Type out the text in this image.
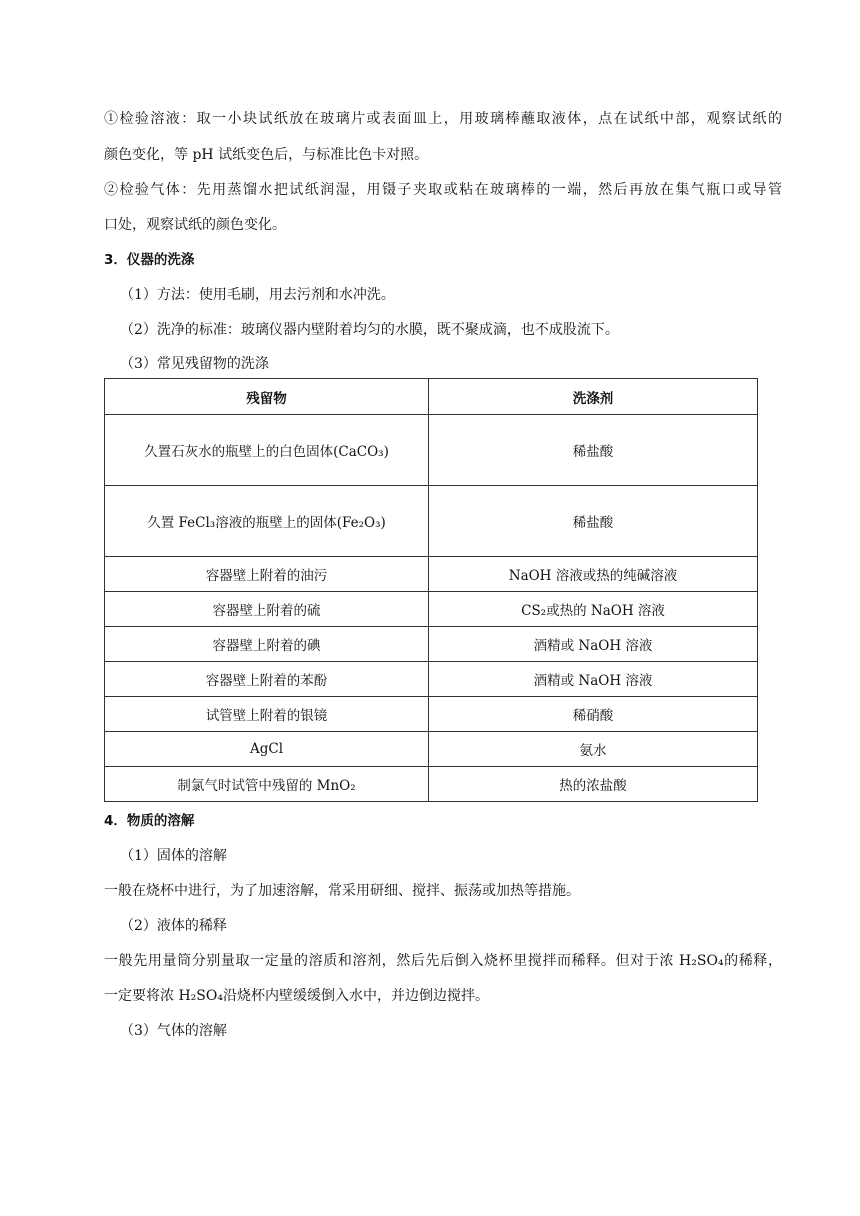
①检验溶液：取一小块试纸放在玻璃片或表面皿上，用玻璃棒蘸取液体，点在试纸中部，观察试纸的
颜色变化，等 pH 试纸变色后，与标准比色卡对照。
②检验气体：先用蒸馏水把试纸润湿，用镊子夹取或粘在玻璃棒的一端，然后再放在集气瓶口或导管
口处，观察试纸的颜色变化。
3．仪器的洗涤
（1）方法：使用毛刷，用去污剂和水冲洗。
（2）洗净的标准：玻璃仪器内壁附着均匀的水膜，既不聚成滴，也不成股流下。
（3）常见残留物的洗涤
残留物	洗涤剂
久置石灰水的瓶壁上的白色固体(CaCO₃)	稀盐酸
久置 FeCl₃溶液的瓶壁上的固体(Fe₂O₃)	稀盐酸
容器壁上附着的油污	NaOH 溶液或热的纯碱溶液
容器壁上附着的硫	CS₂或热的 NaOH 溶液
容器壁上附着的碘	酒精或 NaOH 溶液
容器壁上附着的苯酚	酒精或 NaOH 溶液
试管壁上附着的银镜	稀硝酸
AgCl	氨水
制氯气时试管中残留的 MnO₂	热的浓盐酸
4．物质的溶解
（1）固体的溶解
一般在烧杯中进行，为了加速溶解，常采用研细、搅拌、振荡或加热等措施。
（2）液体的稀释
一般先用量筒分别量取一定量的溶质和溶剂，然后先后倒入烧杯里搅拌而稀释。但对于浓 H₂SO₄的稀释，
一定要将浓 H₂SO₄沿烧杯内壁缓缓倒入水中，并边倒边搅拌。
（3）气体的溶解
